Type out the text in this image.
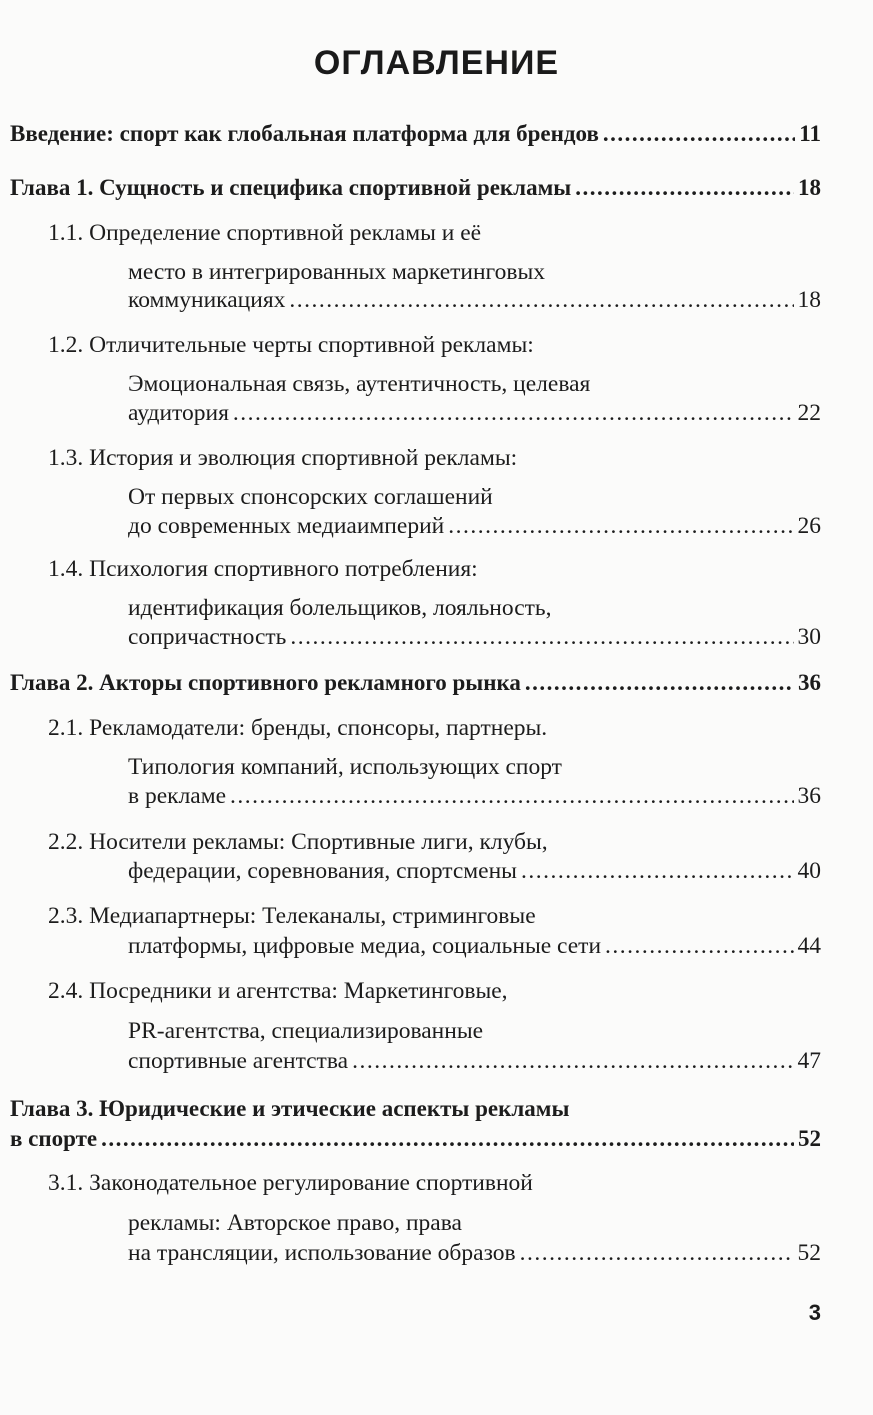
ОГЛАВЛЕНИЕ
Введение: спорт как глобальная платформа для брендов .....	11
Глава 1. Сущность и специфика спортивной рекламы .....	18
1.1. Определение спортивной рекламы и её
место в интегрированных маркетинговых
коммуникациях .....	18
1.2. Отличительные черты спортивной рекламы:
Эмоциональная связь, аутентичность, целевая
аудитория .....	22
1.3. История и эволюция спортивной рекламы:
От первых спонсорских соглашений
до современных медиаимперий .....	26
1.4. Психология спортивного потребления:
идентификация болельщиков, лояльность,
сопричастность .....	30
Глава 2. Акторы спортивного рекламного рынка .....	36
2.1. Рекламодатели: бренды, спонсоры, партнеры.
Типология компаний, использующих спорт
в рекламе .....	36
2.2. Носители рекламы: Спортивные лиги, клубы,
федерации, соревнования, спортсмены .....	40
2.3. Медиапартнеры: Телеканалы, стриминговые
платформы, цифровые медиа, социальные сети .....	44
2.4. Посредники и агентства: Маркетинговые,
PR-агентства, специализированные
спортивные агентства .....	47
Глава 3. Юридические и этические аспекты рекламы
в спорте .....	52
3.1. Законодательное регулирование спортивной
рекламы: Авторское право, права
на трансляции, использование образов .....	52
3
